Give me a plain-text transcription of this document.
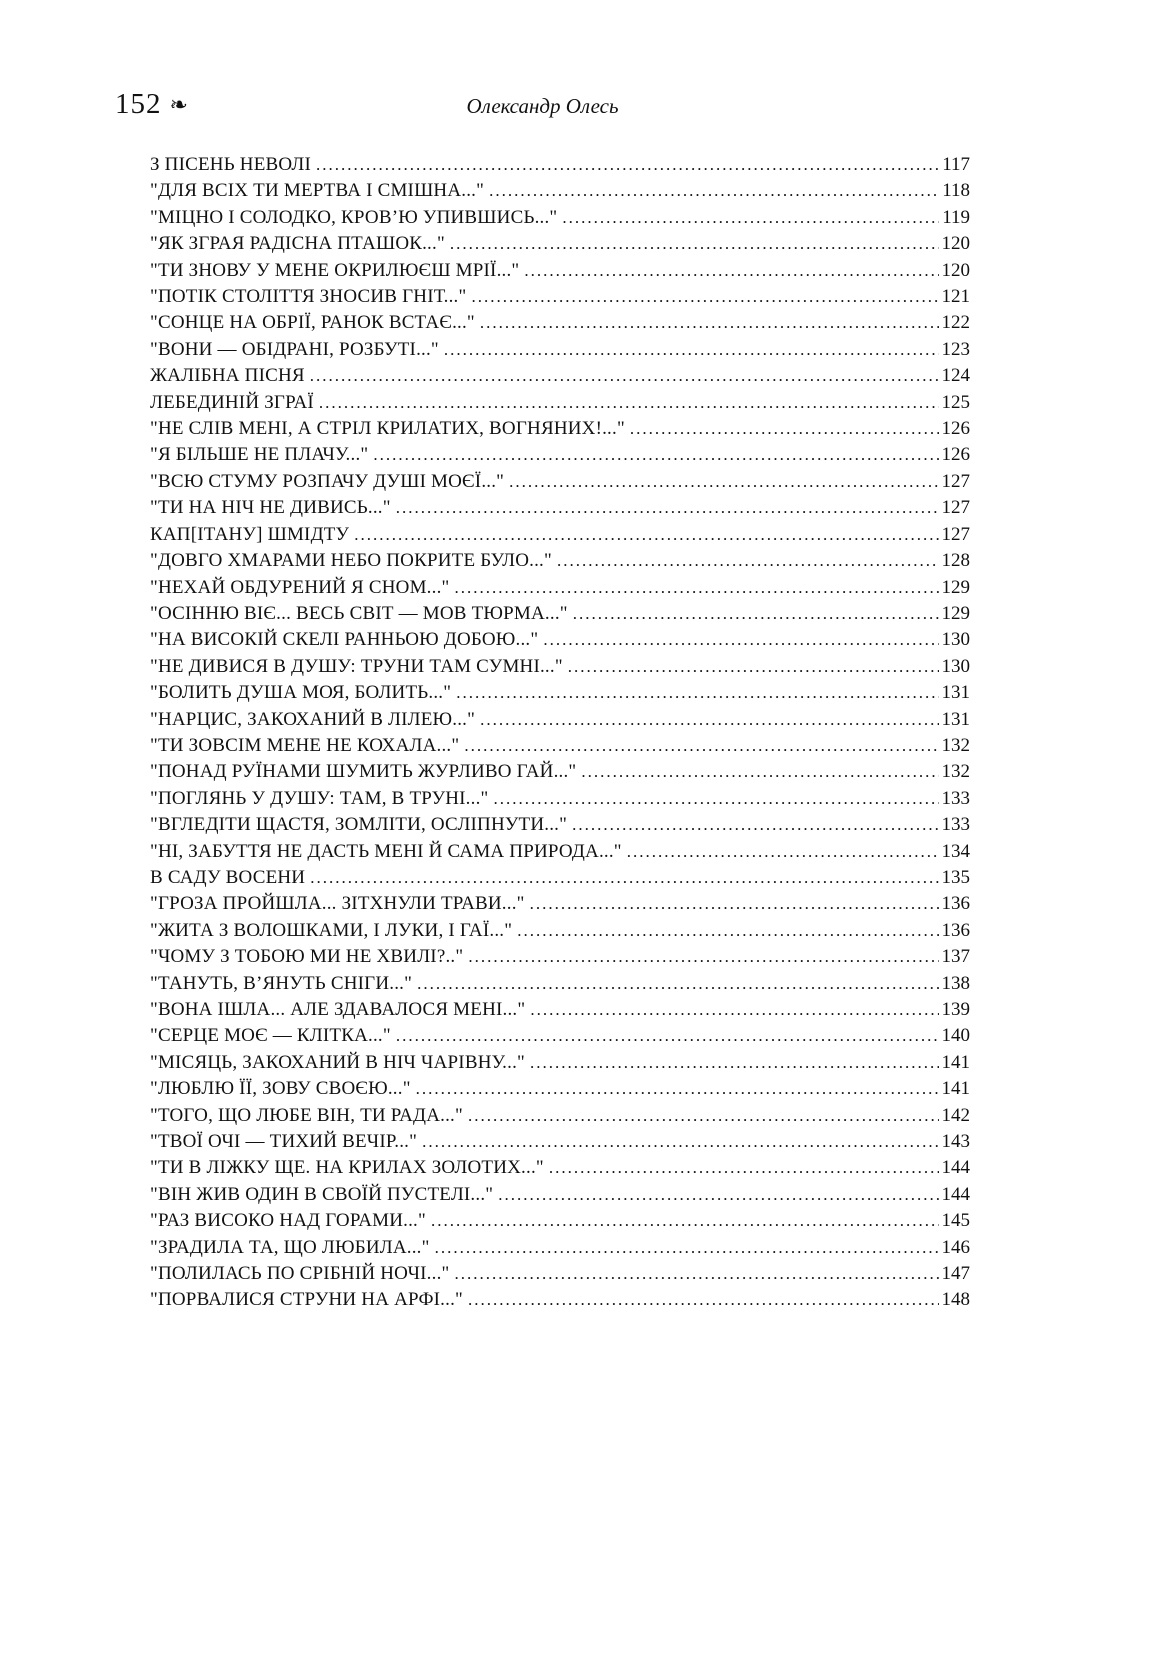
152 ❧	Олександр Олесь
З ПІСЕНЬ НЕВОЛІ .....	117
"ДЛЯ ВСІХ ТИ МЕРТВА І СМІШНА..." .....	118
"МІЦНО І СОЛОДКО, КРОВ’Ю УПИВШИСЬ..." .....	119
"ЯК ЗГРАЯ РАДІСНА ПТАШОК..." .....	120
"ТИ ЗНОВУ У МЕНЕ ОКРИЛЮЄШ МРІЇ..." .....	120
"ПОТІК СТОЛІТТЯ ЗНОСИВ ГНІТ..." .....	121
"СОНЦЕ НА ОБРІЇ, РАНОК ВСТАЄ..." .....	122
"ВОНИ — ОБІДРАНІ, РОЗБУТІ..." .....	123
ЖАЛІБНА ПІСНЯ .....	124
ЛЕБЕДИНІЙ ЗГРАЇ .....	125
"НЕ СЛІВ МЕНІ, А СТРІЛ КРИЛАТИХ, ВОГНЯНИХ!..." .....	126
"Я БІЛЬШЕ НЕ ПЛАЧУ..." .....	126
"ВСЮ СТУМУ РОЗПАЧУ ДУШІ МОЄЇ..." .....	127
"ТИ НА НІЧ НЕ ДИВИСЬ..." .....	127
КАП[ІТАНУ] ШМІДТУ .....	127
"ДОВГО ХМАРАМИ НЕБО ПОКРИТЕ БУЛО..." .....	128
"НЕХАЙ ОБДУРЕНИЙ Я СНОМ..." .....	129
"ОСІННЮ ВІЄ... ВЕСЬ СВІТ — МОВ ТЮРМА..." .....	129
"НА ВИСОКІЙ СКЕЛІ РАННЬОЮ ДОБОЮ..." .....	130
"НЕ ДИВИСЯ В ДУШУ: ТРУНИ ТАМ СУМНІ..." .....	130
"БОЛИТЬ ДУША МОЯ, БОЛИТЬ..." .....	131
"НАРЦИС, ЗАКОХАНИЙ В ЛІЛЕЮ..." .....	131
"ТИ ЗОВСІМ МЕНЕ НЕ КОХАЛА..." .....	132
"ПОНАД РУЇНАМИ ШУМИТЬ ЖУРЛИВО ГАЙ..." .....	132
"ПОГЛЯНЬ У ДУШУ: ТАМ, В ТРУНІ..." .....	133
"ВГЛЕДІТИ ЩАСТЯ, ЗОМЛІТИ, ОСЛІПНУТИ..." .....	133
"НІ, ЗАБУТТЯ НЕ ДАСТЬ МЕНІ Й САМА ПРИРОДА..." .....	134
В САДУ ВОСЕНИ .....	135
"ГРОЗА ПРОЙШЛА... ЗІТХНУЛИ ТРАВИ..." .....	136
"ЖИТА З ВОЛОШКАМИ, І ЛУКИ, І ГАЇ..." .....	136
"ЧОМУ З ТОБОЮ МИ НЕ ХВИЛІ?.." .....	137
"ТАНУТЬ, В’ЯНУТЬ СНІГИ..." .....	138
"ВОНА ІШЛА... АЛЕ ЗДАВАЛОСЯ МЕНІ..." .....	139
"СЕРЦЕ МОЄ — КЛІТКА..." .....	140
"МІСЯЦЬ, ЗАКОХАНИЙ В НІЧ ЧАРІВНУ..." .....	141
"ЛЮБЛЮ ЇЇ, ЗОВУ СВОЄЮ..." .....	141
"ТОГО, ЩО ЛЮБЕ ВІН, ТИ РАДА..." .....	142
"ТВОЇ ОЧІ — ТИХИЙ ВЕЧІР..." .....	143
"ТИ В ЛІЖКУ ЩЕ. НА КРИЛАХ ЗОЛОТИХ..." .....	144
"ВІН ЖИВ ОДИН В СВОЇЙ ПУСТЕЛІ..." .....	144
"РАЗ ВИСОКО НАД ГОРАМИ..." .....	145
"ЗРАДИЛА ТА, ЩО ЛЮБИЛА..." .....	146
"ПОЛИЛАСЬ ПО СРІБНІЙ НОЧІ..." .....	147
"ПОРВАЛИСЯ СТРУНИ НА АРФІ..." .....	148
